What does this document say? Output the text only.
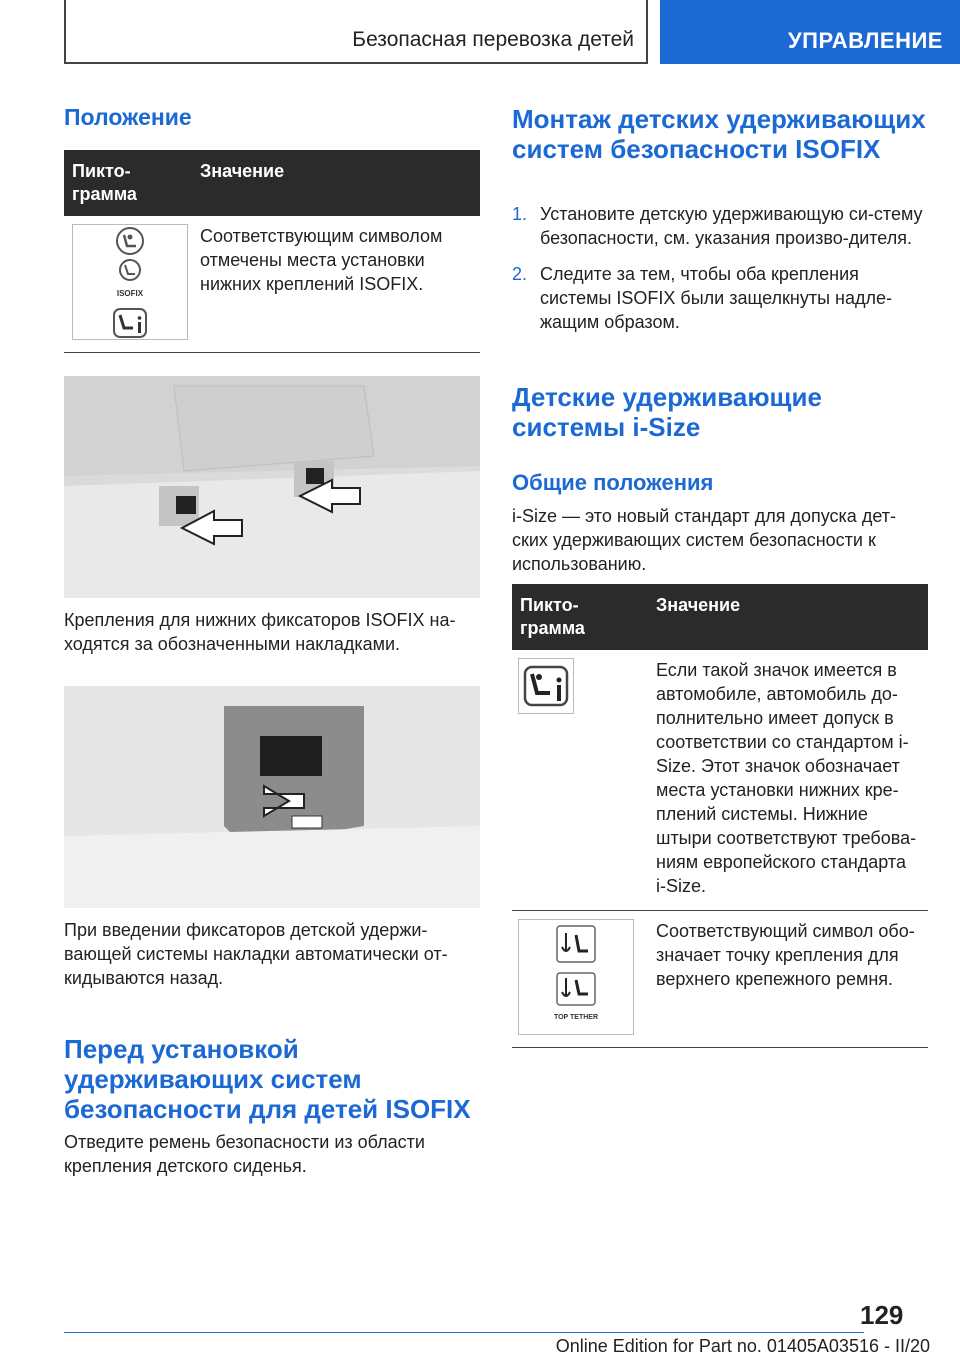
Безопасная перевозка детей	УПРАВЛЕНИЕ
Положение
Пикто-
грамма	Значение

ISOFIX	Соответствующим символом отмечены места установки нижних креплений ISOFIX.

Крепления для нижних фиксаторов ISOFIX на-ходятся за обозначенными накладками.

При введении фиксаторов детской удержи-вающей системы накладки автоматически от-кидываются назад.

Перед установкой удерживающих систем безопасности для детей ISOFIX

Отведите ремень безопасности из области крепления детского сиденья.

Монтаж детских удерживающих систем безопасности ISOFIX
1. Установите детскую удерживающую си-стему безопасности, см. указания произво-дителя.
2. Следите за тем, чтобы оба крепления системы ISOFIX были защелкнуты надле-жащим образом.
Детские удерживающие системы i-Size
Общие положения

i-Size — это новый стандарт для допуска дет-ских удерживающих систем безопасности к использованию.

Пикто-
грамма	Значение

	Если такой значок имеется в автомобиле, автомобиль до-полнительно имеет допуск в соответствии со стандартом i-Size. Этот значок обозначает места установки нижних кре-плений системы. Нижние штыри соответствуют требова-ниям европейского стандарта i-Size.

TOP TETHER	Соответствующий символ обо-значает точку крепления для верхнего крепежного ремня.
129
Online Edition for Part no. 01405A03516 - II/20
